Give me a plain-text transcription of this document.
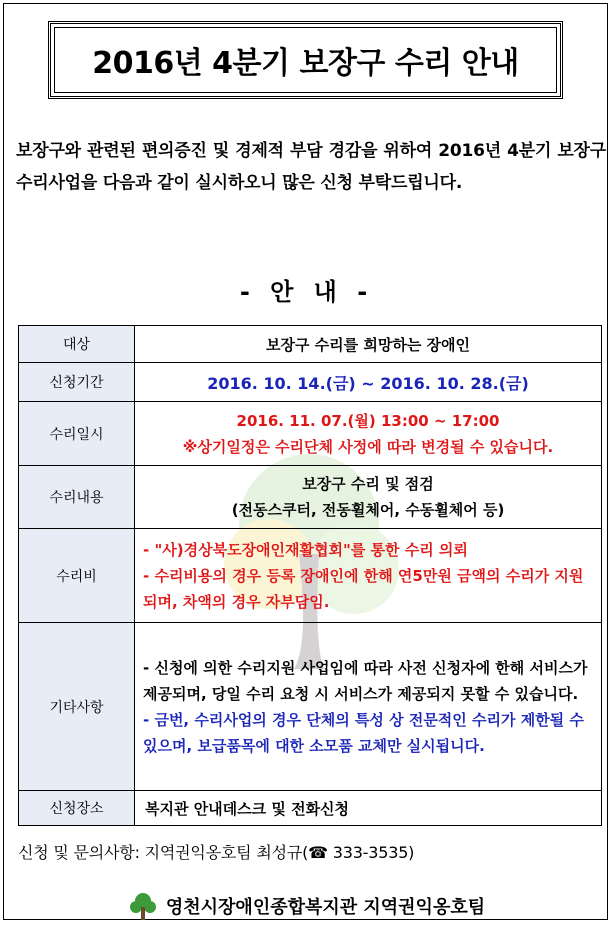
2016년 4분기 보장구 수리 안내
보장구와 관련된 편의증진 및 경제적 부담 경감을 위하여 2016년 4분기 보장구 수리사업을 다음과 같이 실시하오니 많은 신청 부탁드립니다.
- 안 내 -
대상	보장구 수리를 희망하는 장애인
신청기간	2016. 10. 14.(금) ~ 2016. 10. 28.(금)
수리일시	2016. 11. 07.(월) 13:00 ~ 17:00
※상기일정은 수리단체 사정에 따라 변경될 수 있습니다.

수리내용	보장구 수리 및 점검
(전동스쿠터, 전동휠체어, 수동휠체어 등)

수리비	- "사)경상북도장애인재활협회"를 통한 수리 의뢰

- 수리비용의 경우 등록 장애인에 한해 연5만원 금액의 수리가 지원되며, 차액의 경우 자부담임.

기타사항	- 신청에 의한 수리지원 사업임에 따라 사전 신청자에 한해 서비스가 제공되며, 당일 수리 요청 시 서비스가 제공되지 못할 수 있습니다.

- 금번, 수리사업의 경우 단체의 특성 상 전문적인 수리가 제한될 수 있으며, 보급품목에 대한 소모품 교체만 실시됩니다.

신청장소	복지관 안내데스크 및 전화신청
신청 및 문의사항: 지역권익옹호팀 최성규(☎ 333-3535)
영천시장애인종합복지관 지역권익옹호팀
